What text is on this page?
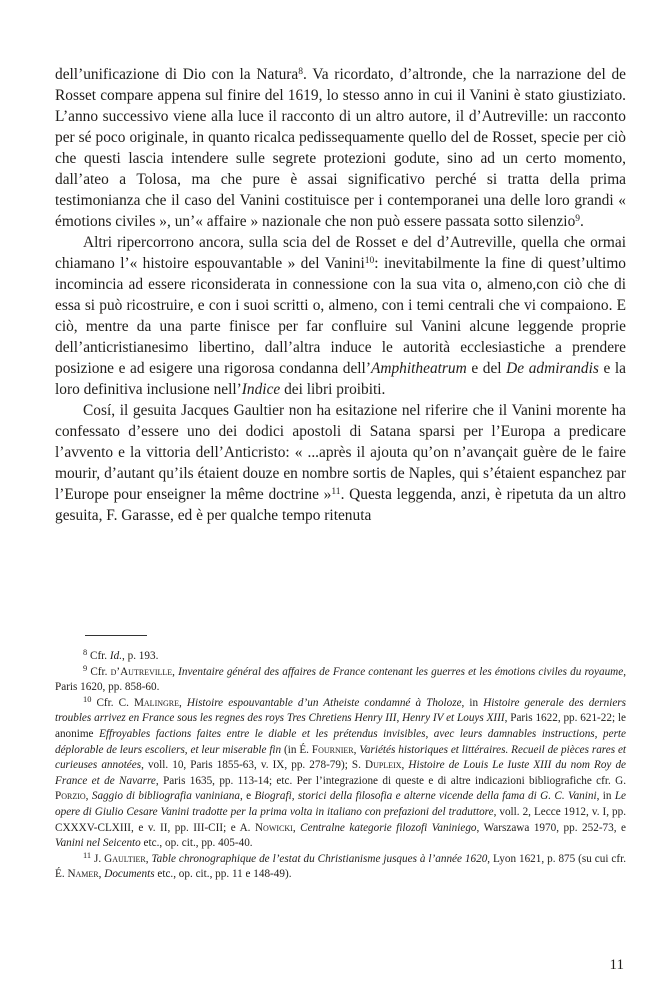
dell’unificazione di Dio con la Natura$^8$. Va ricordato, d’altronde, che la narrazione del de Rosset compare appena sul finire del 1619, lo stesso anno in cui il Vanini è stato giustiziato. L’anno successivo viene alla luce il racconto di un altro autore, il d’Autreville: un racconto per sé poco originale, in quanto ricalca pedissequamente quello del de Rosset, specie per ciò che questi lascia intendere sulle segrete protezioni godute, sino ad un certo momento, dall’ateo a Tolosa, ma che pure è assai significativo perché si tratta della prima testimonianza che il caso del Vanini costituisce per i contemporanei una delle loro grandi « émotions civiles », un’« affaire » nazionale che non può essere passata sotto silenzio$^9$.

Altri ripercorrono ancora, sulla scia del de Rosset e del d’Autreville, quella che ormai chiamano l’« histoire espouvantable » del Vanini$^{10}$: inevitabilmente la fine di quest’ultimo incomincia ad essere riconsiderata in connessione con la sua vita o, almeno,con ciò che di essa si può ricostruire, e con i suoi scritti o, almeno, con i temi centrali che vi compaiono. E ciò, mentre da una parte finisce per far confluire sul Vanini alcune leggende proprie dell’anticristianesimo libertino, dall’altra induce le autorità ecclesiastiche a prendere posizione e ad esigere una rigorosa condanna dell’Amphitheatrum e del De admirandis e la loro definitiva inclusione nell’Indice dei libri proibiti.

Cosí, il gesuita Jacques Gaultier non ha esitazione nel riferire che il Vanini morente ha confessato d’essere uno dei dodici apostoli di Satana sparsi per l’Europa a predicare l’avvento e la vittoria dell’Anticristo: « ...après il ajouta qu’on n’avançait guère de le faire mourir, d’autant qu’ils étaient douze en nombre sortis de Naples, qui s’étaient espanchez par l’Europe pour enseigner la même doctrine »$^{11}$. Questa leggenda, anzi, è ripetuta da un altro gesuita, F. Garasse, ed è per qualche tempo ritenuta

$^8$ Cfr. Id., p. 193.

$^9$ Cfr. d’Autreville, Inventaire général des affaires de France contenant les guerres et les émotions civiles du royaume, Paris 1620, pp. 858-60.

$^{10}$ Cfr. C. Malingre, Histoire espouvantable d’un Atheiste condamné à Tholoze, in Histoire generale des derniers troubles arrivez en France sous les regnes des roys Tres Chretiens Henry III, Henry IV et Louys XIII, Paris 1622, pp. 621-22; le anonime Effroyables factions faites entre le diable et les prétendus invisibles, avec leurs damnables instructions, perte déplorable de leurs escoliers, et leur miserable fin (in É. Fournier, Variétés historiques et littéraires. Recueil de pièces rares et curieuses annotées, voll. 10, Paris 1855-63, v. IX, pp. 278-79); S. Dupleix, Histoire de Louis Le Iuste XIII du nom Roy de France et de Navarre, Paris 1635, pp. 113-14; etc. Per l’integrazione di queste e di altre indicazioni bibliografiche cfr. G. Porzio, Saggio di bibliografia vaniniana, e Biografi, storici della filosofia e alterne vicende della fama di G. C. Vanini, in Le opere di Giulio Cesare Vanini tradotte per la prima volta in italiano con prefazioni del traduttore, voll. 2, Lecce 1912, v. I, pp. CXXXV-CLXIII, e v. II, pp. III-CII; e A. Nowicki, Centralne kategorie filozofi Vaniniego, Warszawa 1970, pp. 252-73, e Vanini nel Seicento etc., op. cit., pp. 405-40.

$^{11}$ J. Gaultier, Table chronographique de l’estat du Christianisme jusques à l’année 1620, Lyon 1621, p. 875 (su cui cfr. É. Namer, Documents etc., op. cit., pp. 11 e 148-49).

11
